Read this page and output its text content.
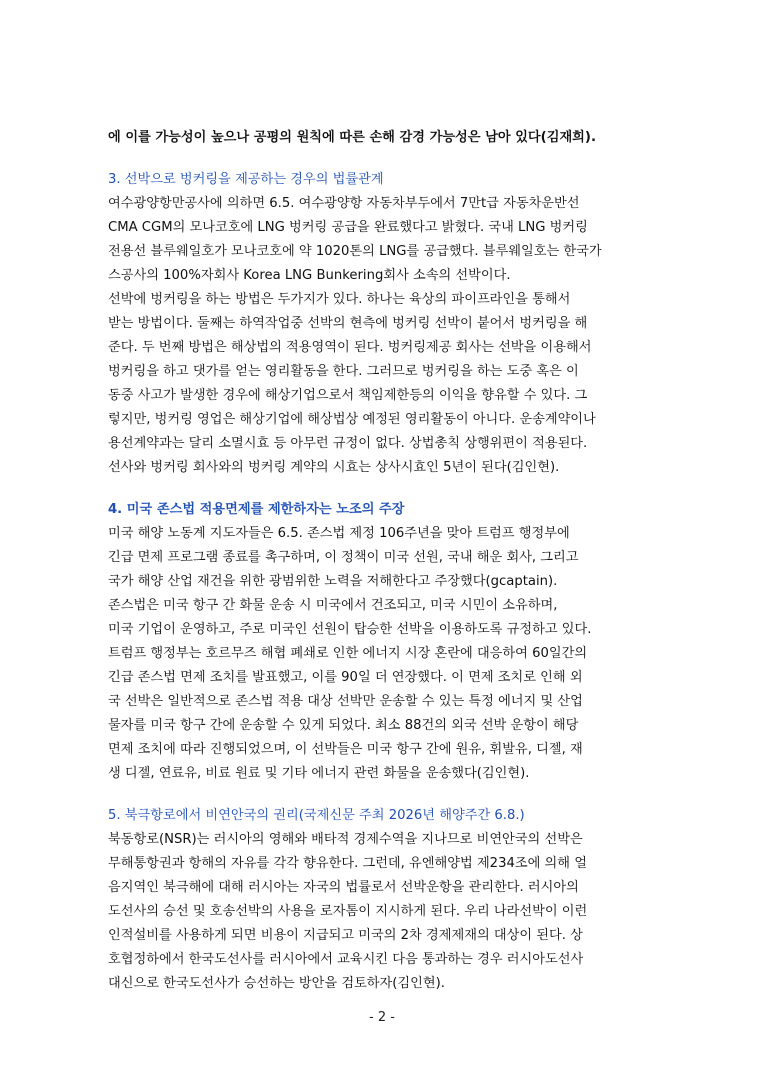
에 이를 가능성이 높으나 공평의 원칙에 따른 손해 감경 가능성은 남아 있다(김재희).
3. 선박으로 벙커링을 제공하는 경우의 법률관계
여수광양항만공사에 의하면 6.5. 여수광양항 자동차부두에서 7만t급 자동차운반선
CMA CGM의 모나코호에 LNG 벙커링 공급을 완료했다고 밝혔다. 국내 LNG 벙커링
전용선 블루웨일호가 모나코호에 약 1020톤의 LNG를 공급했다. 블루웨일호는 한국가
스공사의 100%자회사 Korea LNG Bunkering회사 소속의 선박이다.
선박에 벙커링을 하는 방법은 두가지가 있다. 하나는 육상의 파이프라인을 통해서
받는 방법이다. 둘째는 하역작업중 선박의 현측에 벙커링 선박이 붙어서 벙커링을 해
준다. 두 번째 방법은 해상법의 적용영역이 된다. 벙커링제공 회사는 선박을 이용해서
벙커링을 하고 댓가를 얻는 영리활동을 한다. 그러므로 벙커링을 하는 도중 혹은 이
동중 사고가 발생한 경우에 해상기업으로서 책임제한등의 이익을 향유할 수 있다. 그
렇지만, 벙커링 영업은 해상기업에 해상법상 예정된 영리활동이 아니다. 운송계약이나
용선계약과는 달리 소멸시효 등 아무런 규정이 없다. 상법총칙 상행위편이 적용된다.
선사와 벙커링 회사와의 벙커링 계약의 시효는 상사시효인 5년이 된다(김인현).
4. 미국 존스법 적용면제를 제한하자는 노조의 주장
미국 해양 노동계 지도자들은 6.5. 존스법 제정 106주년을 맞아 트럼프 행정부에
긴급 면제 프로그램 종료를 촉구하며, 이 정책이 미국 선원, 국내 해운 회사, 그리고
국가 해양 산업 재건을 위한 광범위한 노력을 저해한다고 주장했다(gcaptain).
존스법은 미국 항구 간 화물 운송 시 미국에서 건조되고, 미국 시민이 소유하며,
미국 기업이 운영하고, 주로 미국인 선원이 탑승한 선박을 이용하도록 규정하고 있다.
트럼프 행정부는 호르무즈 해협 폐쇄로 인한 에너지 시장 혼란에 대응하여 60일간의
긴급 존스법 면제 조치를 발표했고, 이를 90일 더 연장했다. 이 면제 조치로 인해 외
국 선박은 일반적으로 존스법 적용 대상 선박만 운송할 수 있는 특정 에너지 및 산업
물자를 미국 항구 간에 운송할 수 있게 되었다. 최소 88건의 외국 선박 운항이 해당
면제 조치에 따라 진행되었으며, 이 선박들은 미국 항구 간에 원유, 휘발유, 디젤, 재
생 디젤, 연료유, 비료 원료 및 기타 에너지 관련 화물을 운송했다(김인현).
5. 북극항로에서 비연안국의 권리(국제신문 주최 2026년 해양주간 6.8.)
북동항로(NSR)는 러시아의 영해와 배타적 경제수역을 지나므로 비연안국의 선박은
무해통항권과 항해의 자유를 각각 향유한다. 그런데, 유엔해양법 제234조에 의해 얼
음지역인 북극해에 대해 러시아는 자국의 법률로서 선박운항을 관리한다. 러시아의
도선사의 승선 및 호송선박의 사용을 로자톰이 지시하게 된다. 우리 나라선박이 이런
인적설비를 사용하게 되면 비용이 지급되고 미국의 2차 경제제재의 대상이 된다. 상
호협정하에서 한국도선사를 러시아에서 교육시킨 다음 통과하는 경우 러시아도선사
대신으로 한국도선사가 승선하는 방안을 검토하자(김인현).
- 2 -
